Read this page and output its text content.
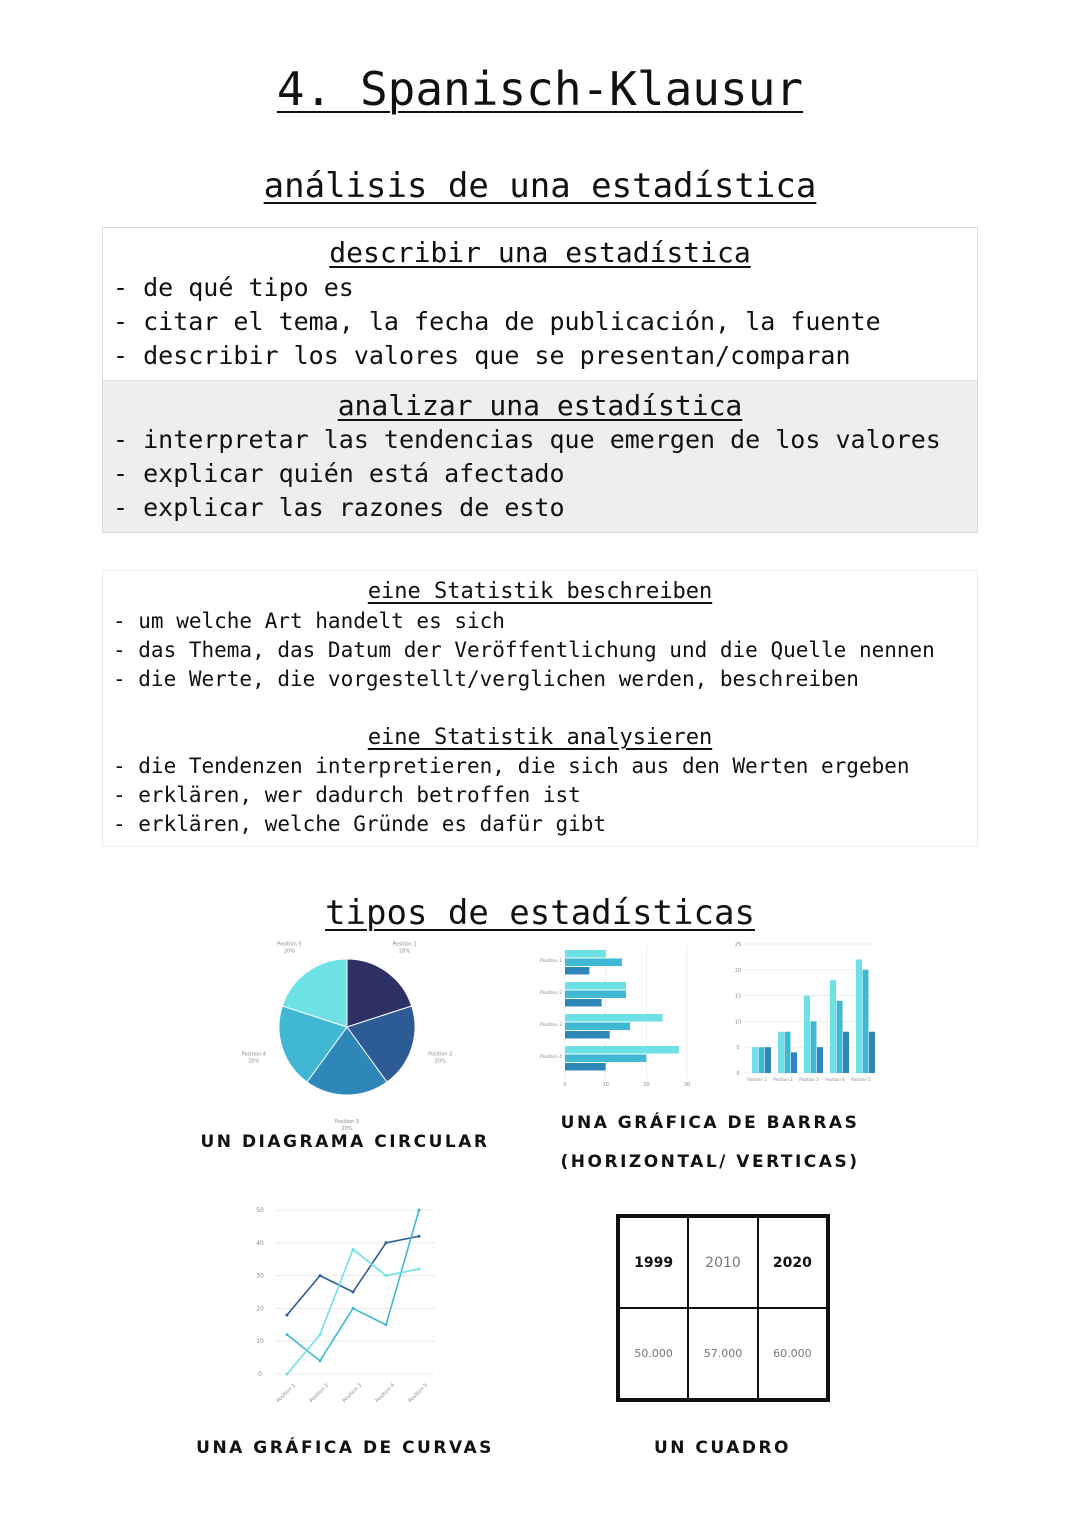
4. Spanisch-Klausur
análisis de una estadística
describir una estadística
- de qué tipo es
- citar el tema, la fecha de publicación, la fuente
- describir los valores que se presentan/comparan
analizar una estadística
- interpretar las tendencias que emergen de los valores
- explicar quién está afectado
- explicar las razones de esto
eine Statistik beschreiben
- um welche Art handelt es sich
- das Thema, das Datum der Veröffentlichung und die Quelle nennen
- die Werte, die vorgestellt/verglichen werden, beschreiben
eine Statistik analysieren
- die Tendenzen interpretieren, die sich aus den Werten ergeben
- erklären, wer dadurch betroffen ist
- erklären, welche Gründe es dafür gibt
tipos de estadísticas
Position 1
20%
Position 2
20%
Position 3
20%
Position 4
20%
Position 5
20%
UN DIAGRAMA CIRCULAR
0	10	20	30
Position 1
Position 2
Position 3
Position 4
0
5
10
15
20
25
Position 1 Position 2 Position 3 Position 4 Position 5
UNA GRÁFICA DE BARRAS
(HORIZONTAL/ VERTICAS)
0
10
20
30
40
50
Position 1 Position 2 Position 3 Position 4 Position 5
UNA GRÁFICA DE CURVAS
1999	2010	2020
50.000	57.000	60.000
UN CUADRO
